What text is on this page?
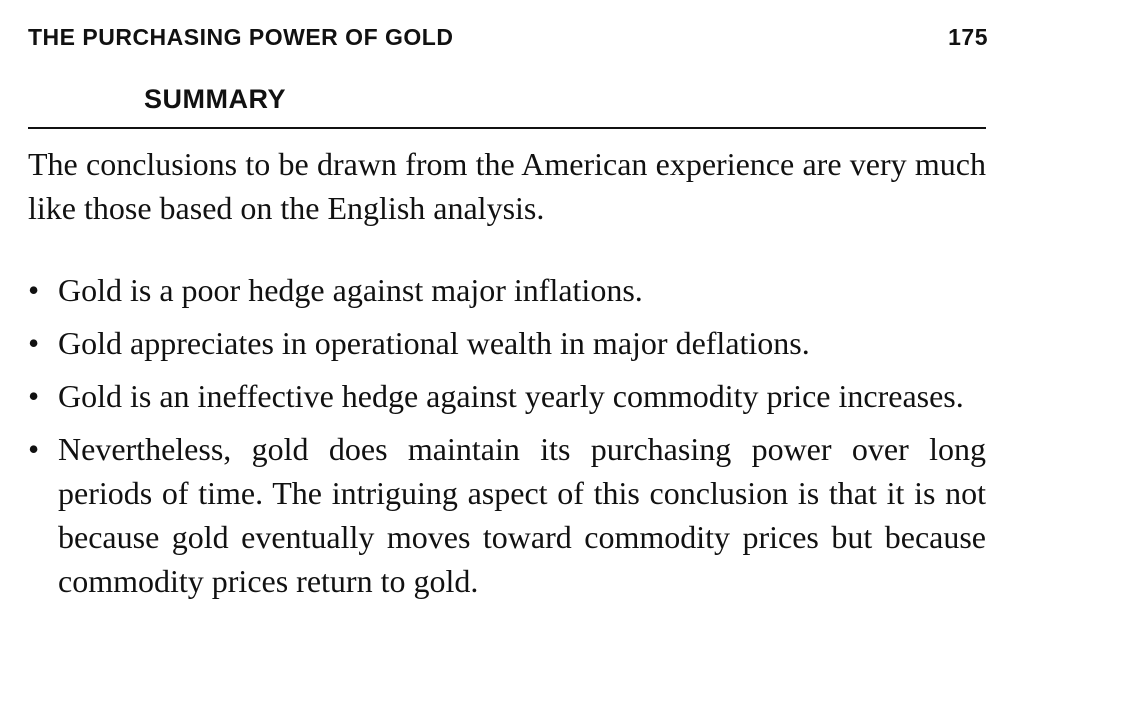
THE PURCHASING POWER OF GOLD	175
SUMMARY

The conclusions to be drawn from the American experience are very much like those based on the English analysis.

• Gold is a poor hedge against major inflations.
• Gold appreciates in operational wealth in major deflations.
• Gold is an ineffective hedge against yearly commodity price increases.
• Nevertheless, gold does maintain its purchasing power over long periods of time. The intriguing aspect of this conclusion is that it is not because gold eventually moves toward commodity prices but because commodity prices return to gold.
